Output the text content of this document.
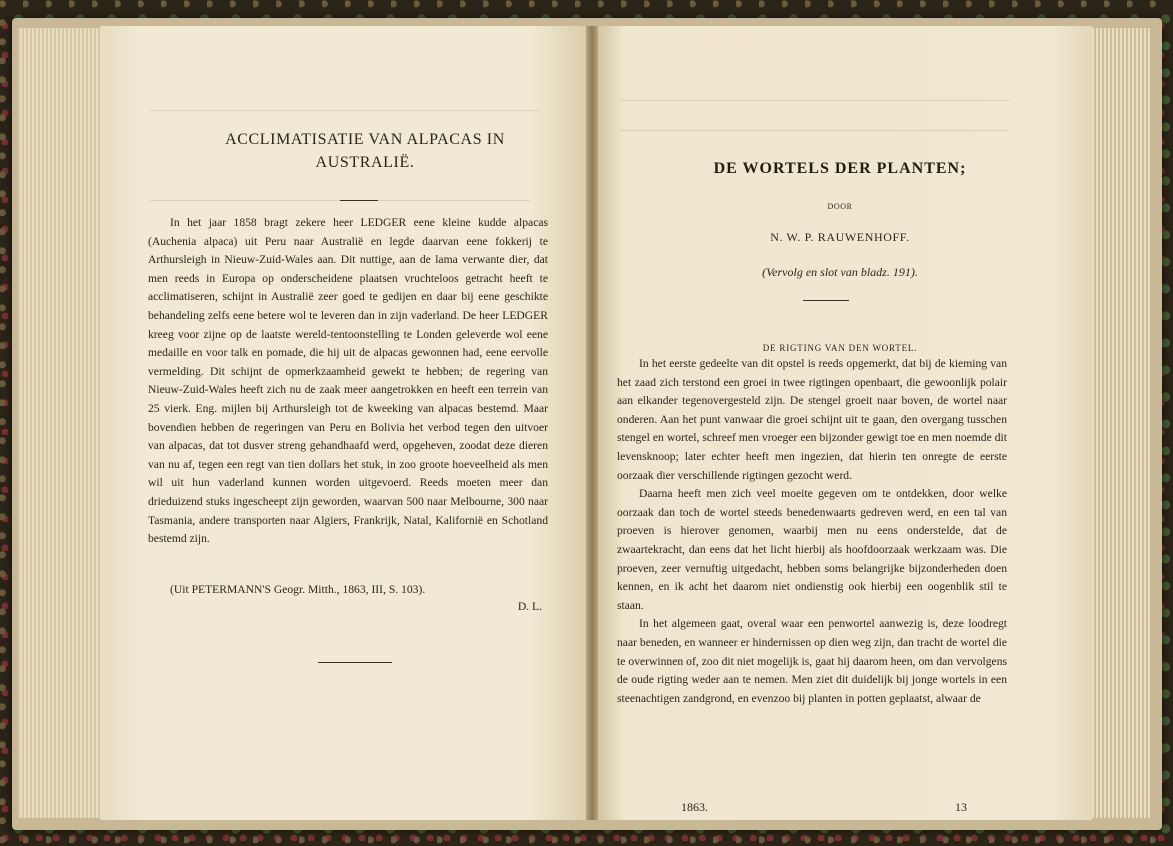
ACCLIMATISATIE VAN ALPACAS IN AUSTRALIË.

In het jaar 1858 bragt zekere heer LEDGER eene kleine kudde alpacas (Auchenia alpaca) uit Peru naar Australië en legde daarvan eene fokkerij te Arthursleigh in Nieuw-Zuid-Wales aan. Dit nuttige, aan de lama verwante dier, dat men reeds in Europa op onderscheidene plaatsen vruchteloos getracht heeft te acclimatiseren, schijnt in Australië zeer goed te gedijen en daar bij eene geschikte behandeling zelfs eene betere wol te leveren dan in zijn vaderland. De heer LEDGER kreeg voor zijne op de laatste wereld-tentoonstelling te Londen geleverde wol eene medaille en voor talk en pomade, die hij uit de alpacas gewonnen had, eene eervolle vermelding. Dit schijnt de opmerkzaamheid gewekt te hebben; de regering van Nieuw-Zuid-Wales heeft zich nu de zaak meer aangetrokken en heeft een terrein van 25 vierk. Eng. mijlen bij Arthursleigh tot de kweeking van alpacas bestemd. Maar bovendien hebben de regeringen van Peru en Bolivia het verbod tegen den uitvoer van alpacas, dat tot dusver streng gehandhaafd werd, opgeheven, zoodat deze dieren van nu af, tegen een regt van tien dollars het stuk, in zoo groote hoeveelheid als men wil uit hun vaderland kunnen worden uitgevoerd. Reeds moeten meer dan drieduizend stuks ingescheept zijn geworden, waarvan 500 naar Melbourne, 300 naar Tasmania, andere transporten naar Algiers, Frankrijk, Natal, Kalifornië en Schotland bestemd zijn.

(Uit PETERMANN'S Geogr. Mitth., 1863, III, S. 103).

D. L.
DE WORTELS DER PLANTEN;
DOOR
N. W. P. RAUWENHOFF.
(Vervolg en slot van bladz. 191).
DE RIGTING VAN DEN WORTEL.

In het eerste gedeelte van dit opstel is reeds opgemerkt, dat bij de kieming van het zaad zich terstond een groei in twee rigtingen openbaart, die gewoonlijk polair aan elkander tegenovergesteld zijn. De stengel groeit naar boven, de wortel naar onderen. Aan het punt vanwaar die groei schijnt uit te gaan, den overgang tusschen stengel en wortel, schreef men vroeger een bijzonder gewigt toe en men noemde dit levensknoop; later echter heeft men ingezien, dat hierin ten onregte de eerste oorzaak dier verschillende rigtingen gezocht werd.

Daarna heeft men zich veel moeite gegeven om te ontdekken, door welke oorzaak dan toch de wortel steeds benedenwaarts gedreven werd, en een tal van proeven is hierover genomen, waarbij men nu eens onderstelde, dat de zwaartekracht, dan eens dat het licht hierbij als hoofdoorzaak werkzaam was. Die proeven, zeer vernuftig uitgedacht, hebben soms belangrijke bijzonderheden doen kennen, en ik acht het daarom niet ondienstig ook hierbij een oogenblik stil te staan.

In het algemeen gaat, overal waar een penwortel aanwezig is, deze loodregt naar beneden, en wanneer er hindernissen op dien weg zijn, dan tracht de wortel die te overwinnen of, zoo dit niet mogelijk is, gaat hij daarom heen, om dan vervolgens de oude rigting weder aan te nemen. Men ziet dit duidelijk bij jonge wortels in een steenachtigen zandgrond, en evenzoo bij planten in potten geplaatst, alwaar de

1863.	13
